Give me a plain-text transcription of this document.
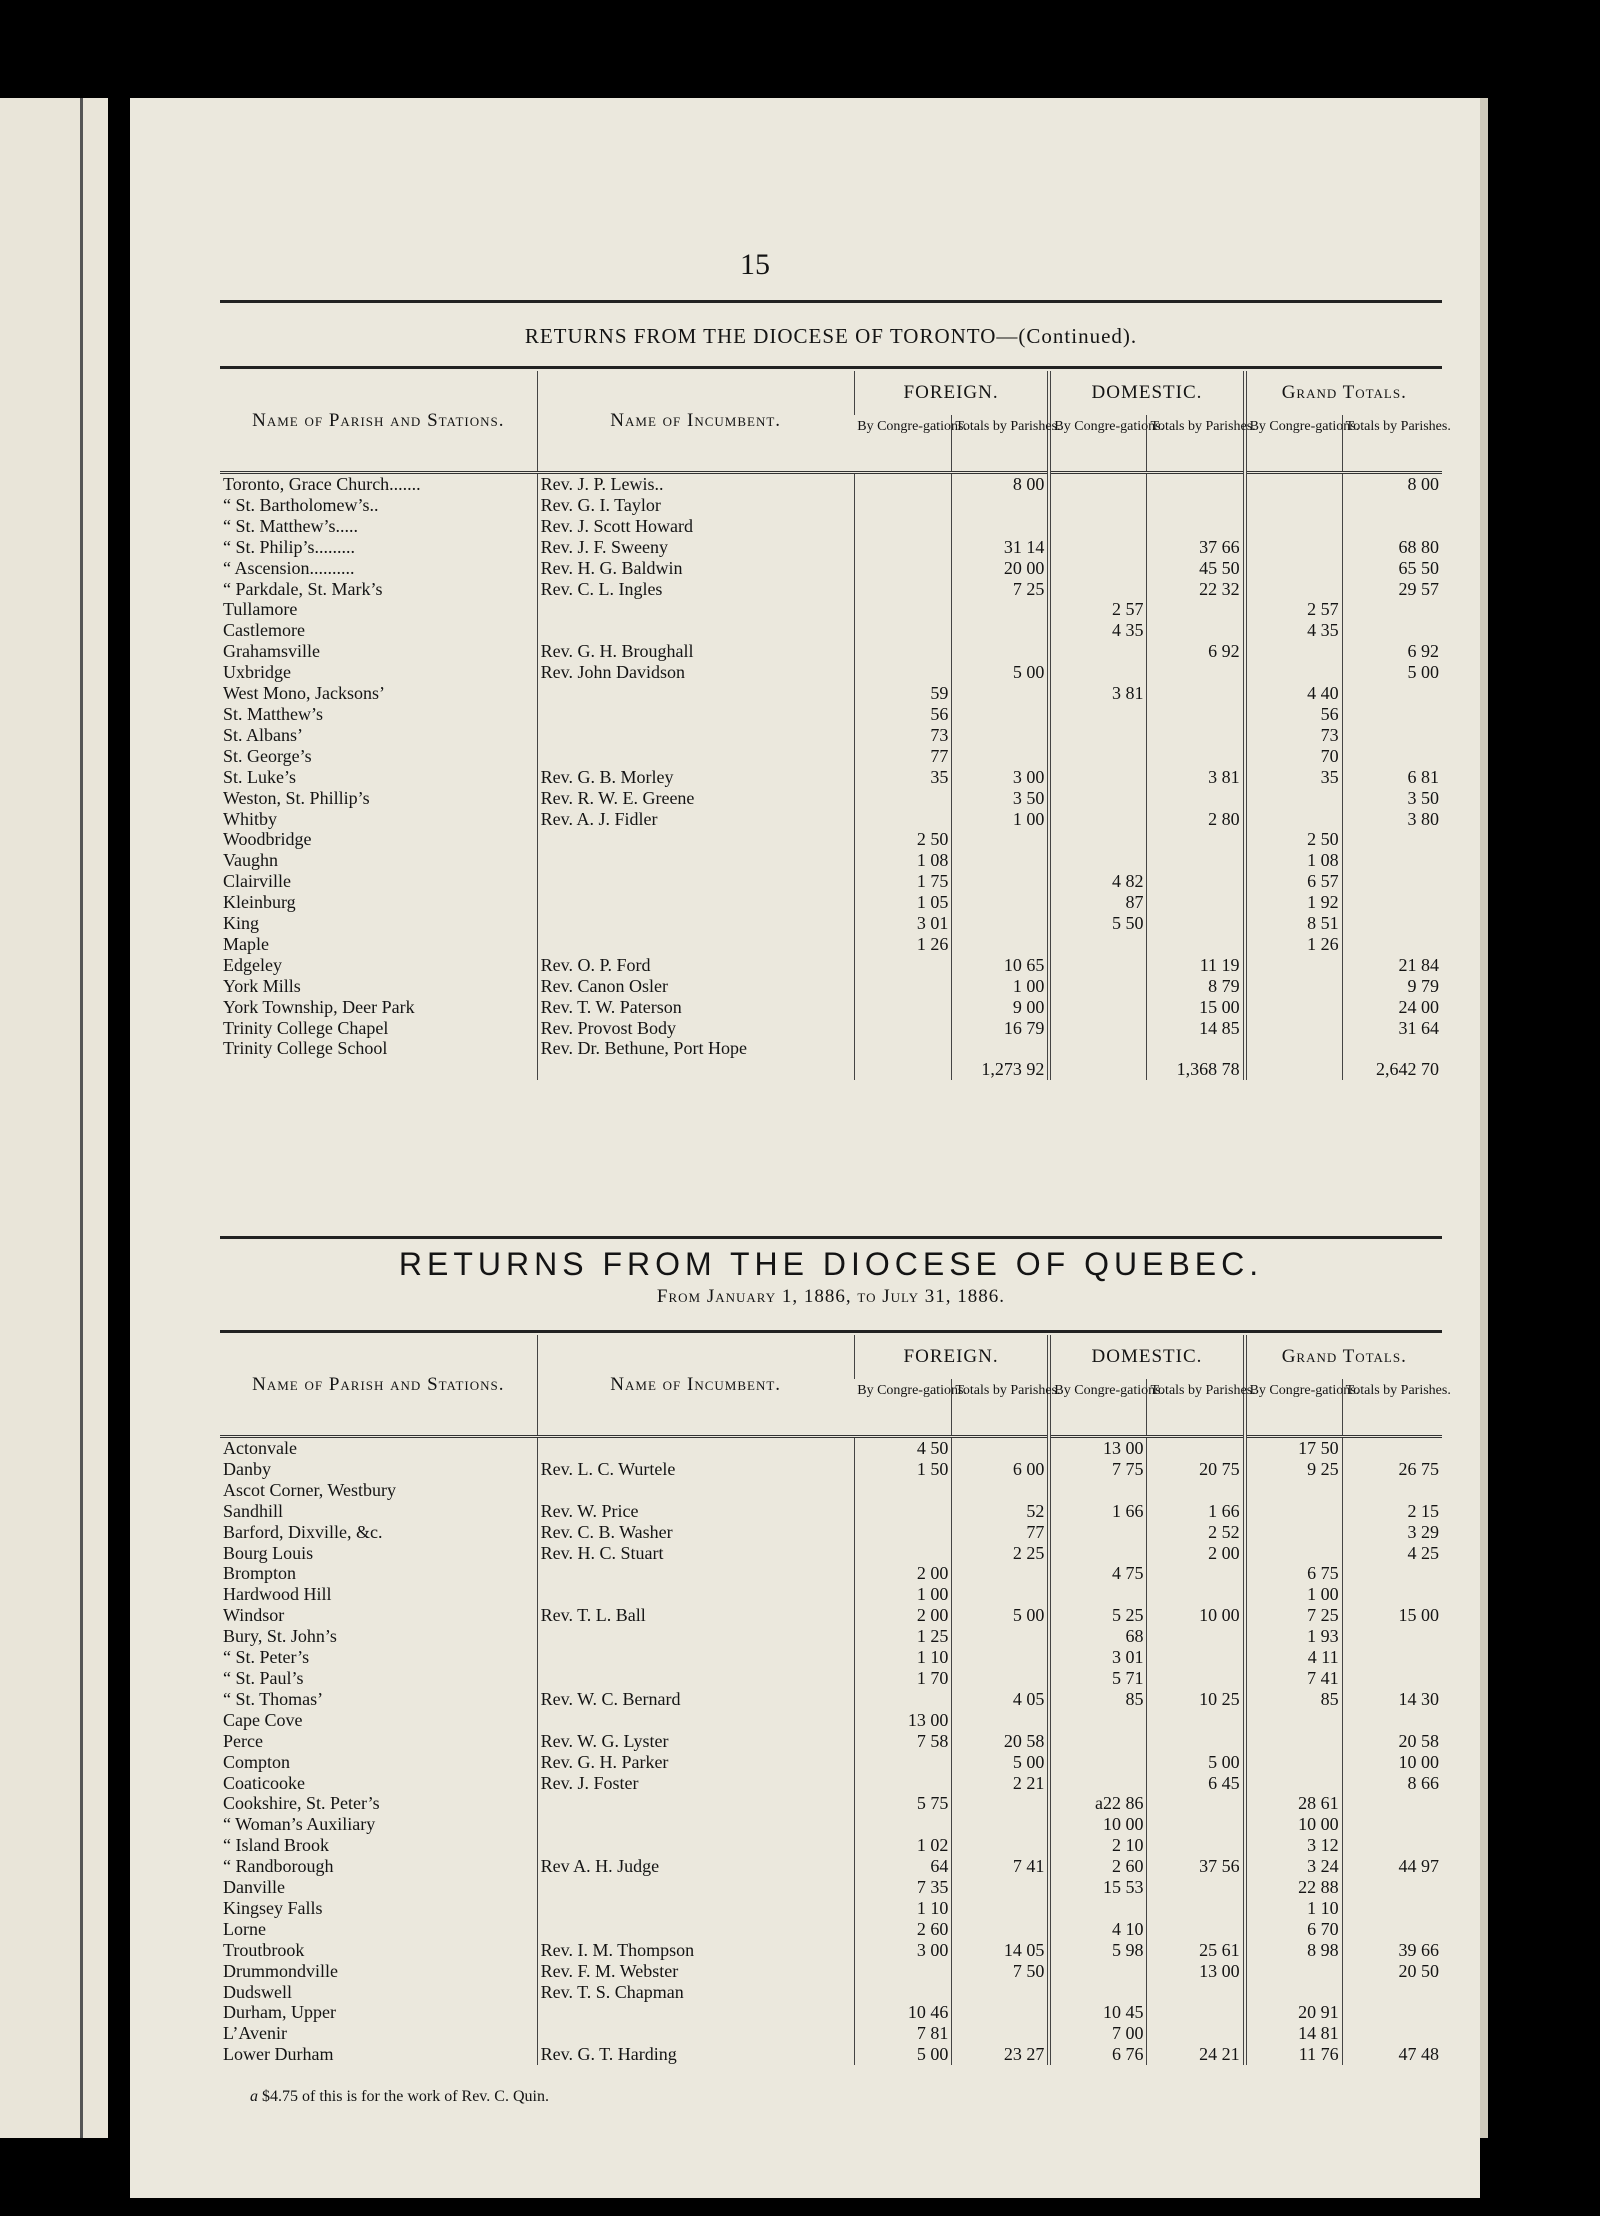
15
RETURNS FROM THE DIOCESE OF TORONTO—(Continued).
Name of Parish and Stations.	Name of Incumbent.	FOREIGN.		DOMESTIC.		Grand Totals.	
		By Congre-gations.	Totals by Parishes.	By Congre-gations.	Totals by Parishes.	By Congre-gations.	Totals by Parishes.
Toronto, Grace Church.......	Rev. J. P. Lewis..		8 00				8 00
“ St. Bartholomew’s..	Rev. G. I. Taylor						
“ St. Matthew’s.....	Rev. J. Scott Howard						
“ St. Philip’s.........	Rev. J. F. Sweeny		31 14		37 66		68 80
“ Ascension..........	Rev. H. G. Baldwin		20 00		45 50		65 50
“ Parkdale, St. Mark’s	Rev. C. L. Ingles		7 25		22 32		29 57
Tullamore				2 57		2 57	
Castlemore				4 35		4 35	
Grahamsville	Rev. G. H. Broughall				6 92		6 92
Uxbridge	Rev. John Davidson		5 00				5 00
West Mono, Jacksons’		59		3 81		4 40	
St. Matthew’s		56				56	
St. Albans’		73				73	
St. George’s		77				70	
St. Luke’s	Rev. G. B. Morley	35	3 00		3 81	35	6 81
Weston, St. Phillip’s	Rev. R. W. E. Greene		3 50				3 50
Whitby	Rev. A. J. Fidler		1 00		2 80		3 80
Woodbridge		2 50				2 50	
Vaughn		1 08				1 08	
Clairville		1 75		4 82		6 57	
Kleinburg		1 05		87		1 92	
King		3 01		5 50		8 51	
Maple		1 26				1 26	
Edgeley	Rev. O. P. Ford		10 65		11 19		21 84
York Mills	Rev. Canon Osler		1 00		8 79		9 79
York Township, Deer Park	Rev. T. W. Paterson		9 00		15 00		24 00
Trinity College Chapel	Rev. Provost Body		16 79		14 85		31 64
Trinity College School	Rev. Dr. Bethune, Port Hope						
			1,273 92		1,368 78		2,642 70
RETURNS FROM THE DIOCESE OF QUEBEC.
From January 1, 1886, to July 31, 1886.
Name of Parish and Stations.	Name of Incumbent.	FOREIGN.		DOMESTIC.		Grand Totals.	
		By Congre-gations.	Totals by Parishes.	By Congre-gations.	Totals by Parishes.	By Congre-gations.	Totals by Parishes.
Actonvale		4 50		13 00		17 50	
Danby	Rev. L. C. Wurtele	1 50	6 00	7 75	20 75	9 25	26 75
Ascot Corner, Westbury							
Sandhill	Rev. W. Price		52	1 66	1 66		2 15
Barford, Dixville, &c.	Rev. C. B. Washer		77		2 52		3 29
Bourg Louis	Rev. H. C. Stuart		2 25		2 00		4 25
Brompton		2 00		4 75		6 75	
Hardwood Hill		1 00				1 00	
Windsor	Rev. T. L. Ball	2 00	5 00	5 25	10 00	7 25	15 00
Bury, St. John’s		1 25		68		1 93	
“ St. Peter’s		1 10		3 01		4 11	
“ St. Paul’s		1 70		5 71		7 41	
“ St. Thomas’	Rev. W. C. Bernard		4 05	85	10 25	85	14 30
Cape Cove		13 00					
Perce	Rev. W. G. Lyster	7 58	20 58				20 58
Compton	Rev. G. H. Parker		5 00		5 00		10 00
Coaticooke	Rev. J. Foster		2 21		6 45		8 66
Cookshire, St. Peter’s		5 75		a22 86		28 61	
“ Woman’s Auxiliary				10 00		10 00	
“ Island Brook		1 02		2 10		3 12	
“ Randborough	Rev A. H. Judge	64	7 41	2 60	37 56	3 24	44 97
Danville		7 35		15 53		22 88	
Kingsey Falls		1 10				1 10	
Lorne		2 60		4 10		6 70	
Troutbrook	Rev. I. M. Thompson	3 00	14 05	5 98	25 61	8 98	39 66
Drummondville	Rev. F. M. Webster		7 50		13 00		20 50
Dudswell	Rev. T. S. Chapman						
Durham, Upper		10 46		10 45		20 91	
L’Avenir		7 81		7 00		14 81	
Lower Durham	Rev. G. T. Harding	5 00	23 27	6 76	24 21	11 76	47 48
a $4.75 of this is for the work of Rev. C. Quin.
